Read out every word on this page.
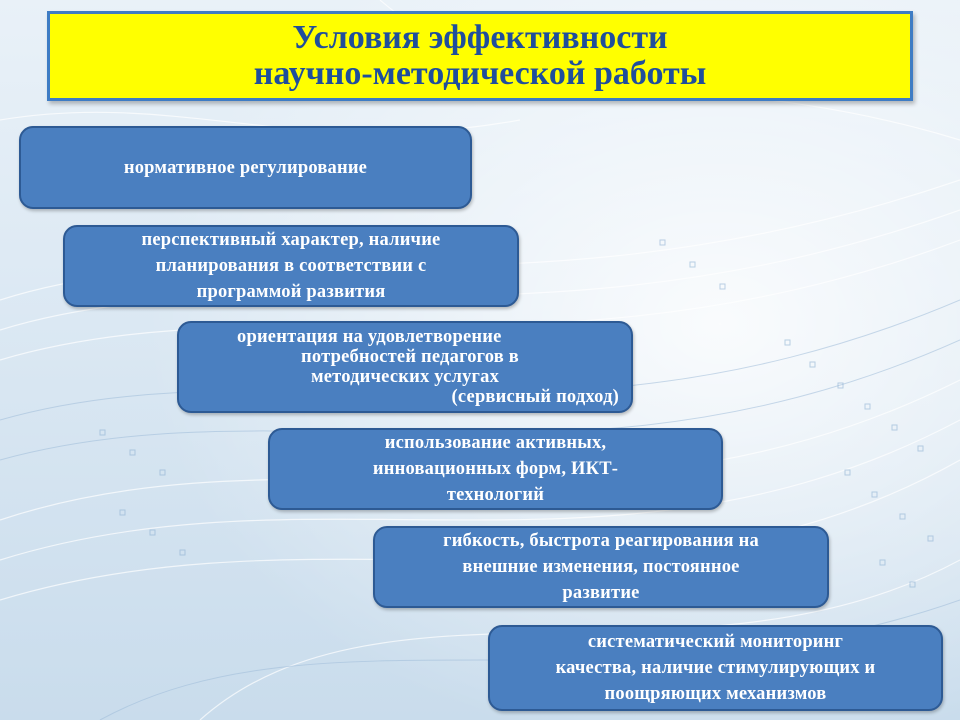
Условия эффективности
научно-методической работы
нормативное регулирование
перспективный характер, наличие
планирования в соответствии с
программой развития
ориентация на удовлетворение
потребностей педагогов в
методических услугах
(сервисный подход)
использование активных,
инновационных форм, ИКТ-
технологий
гибкость, быстрота реагирования на
внешние изменения, постоянное
развитие
систематический мониторинг
качества, наличие стимулирующих и
поощряющих механизмов
